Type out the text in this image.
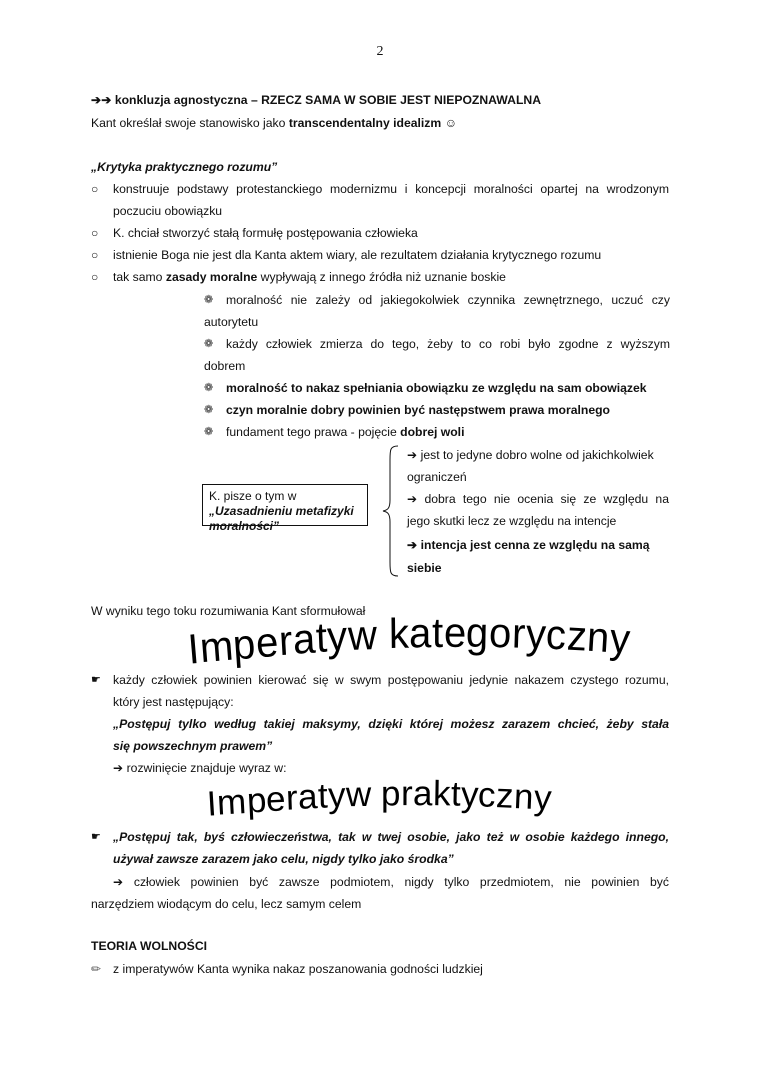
2
➔➔ konkluzja agnostyczna – RZECZ SAMA W SOBIE JEST NIEPOZNAWALNA
Kant określał swoje stanowisko jako transcendentalny idealizm ☺
„Krytyka praktycznego rozumu”
○ konstruuje podstawy protestanckiego modernizmu i koncepcji moralności opartej na wrodzonym
poczuciu obowiązku
○ K. chciał stworzyć stałą formułę postępowania człowieka
○ istnienie Boga nie jest dla Kanta aktem wiary, ale rezultatem działania krytycznego rozumu
○ tak samo zasady moralne wypływają z innego źródła niż uznanie boskie
❁ moralność nie zależy od jakiegokolwiek czynnika zewnętrznego, uczuć czy
autorytetu
❁ każdy człowiek zmierza do tego, żeby to co robi było zgodne z wyższym
dobrem
❁ moralność to nakaz spełniania obowiązku ze względu na sam obowiązek
❁ czyn moralnie dobry powinien być następstwem prawa moralnego
❁ fundament tego prawa - pojęcie dobrej woli
K. pisze o tym w
„Uzasadnieniu metafizyki
moralności”
➔ jest to jedyne dobro wolne od jakichkolwiek
ograniczeń
➔ dobra tego nie ocenia się ze względu na
jego skutki lecz ze względu na intencje
➔ intencja jest cenna ze względu na samą
siebie
W wyniku tego toku rozumiwania Kant sformułował
Imperatyw kategoryczny
☛ każdy człowiek powinien kierować się w swym postępowaniu jedynie nakazem czystego rozumu,
który jest następujący:
„Postępuj tylko według takiej maksymy, dzięki której możesz zarazem chcieć, żeby stała
się powszechnym prawem”
➔ rozwinięcie znajduje wyraz w:
Imperatyw praktyczny
☛ „Postępuj tak, byś człowieczeństwa, tak w twej osobie, jako też w osobie każdego innego,
używał zawsze zarazem jako celu, nigdy tylko jako środka”
➔ człowiek powinien być zawsze podmiotem, nigdy tylko przedmiotem, nie powinien być
narzędziem wiodącym do celu, lecz samym celem
TEORIA WOLNOŚCI
✏ z imperatywów Kanta wynika nakaz poszanowania godności ludzkiej
